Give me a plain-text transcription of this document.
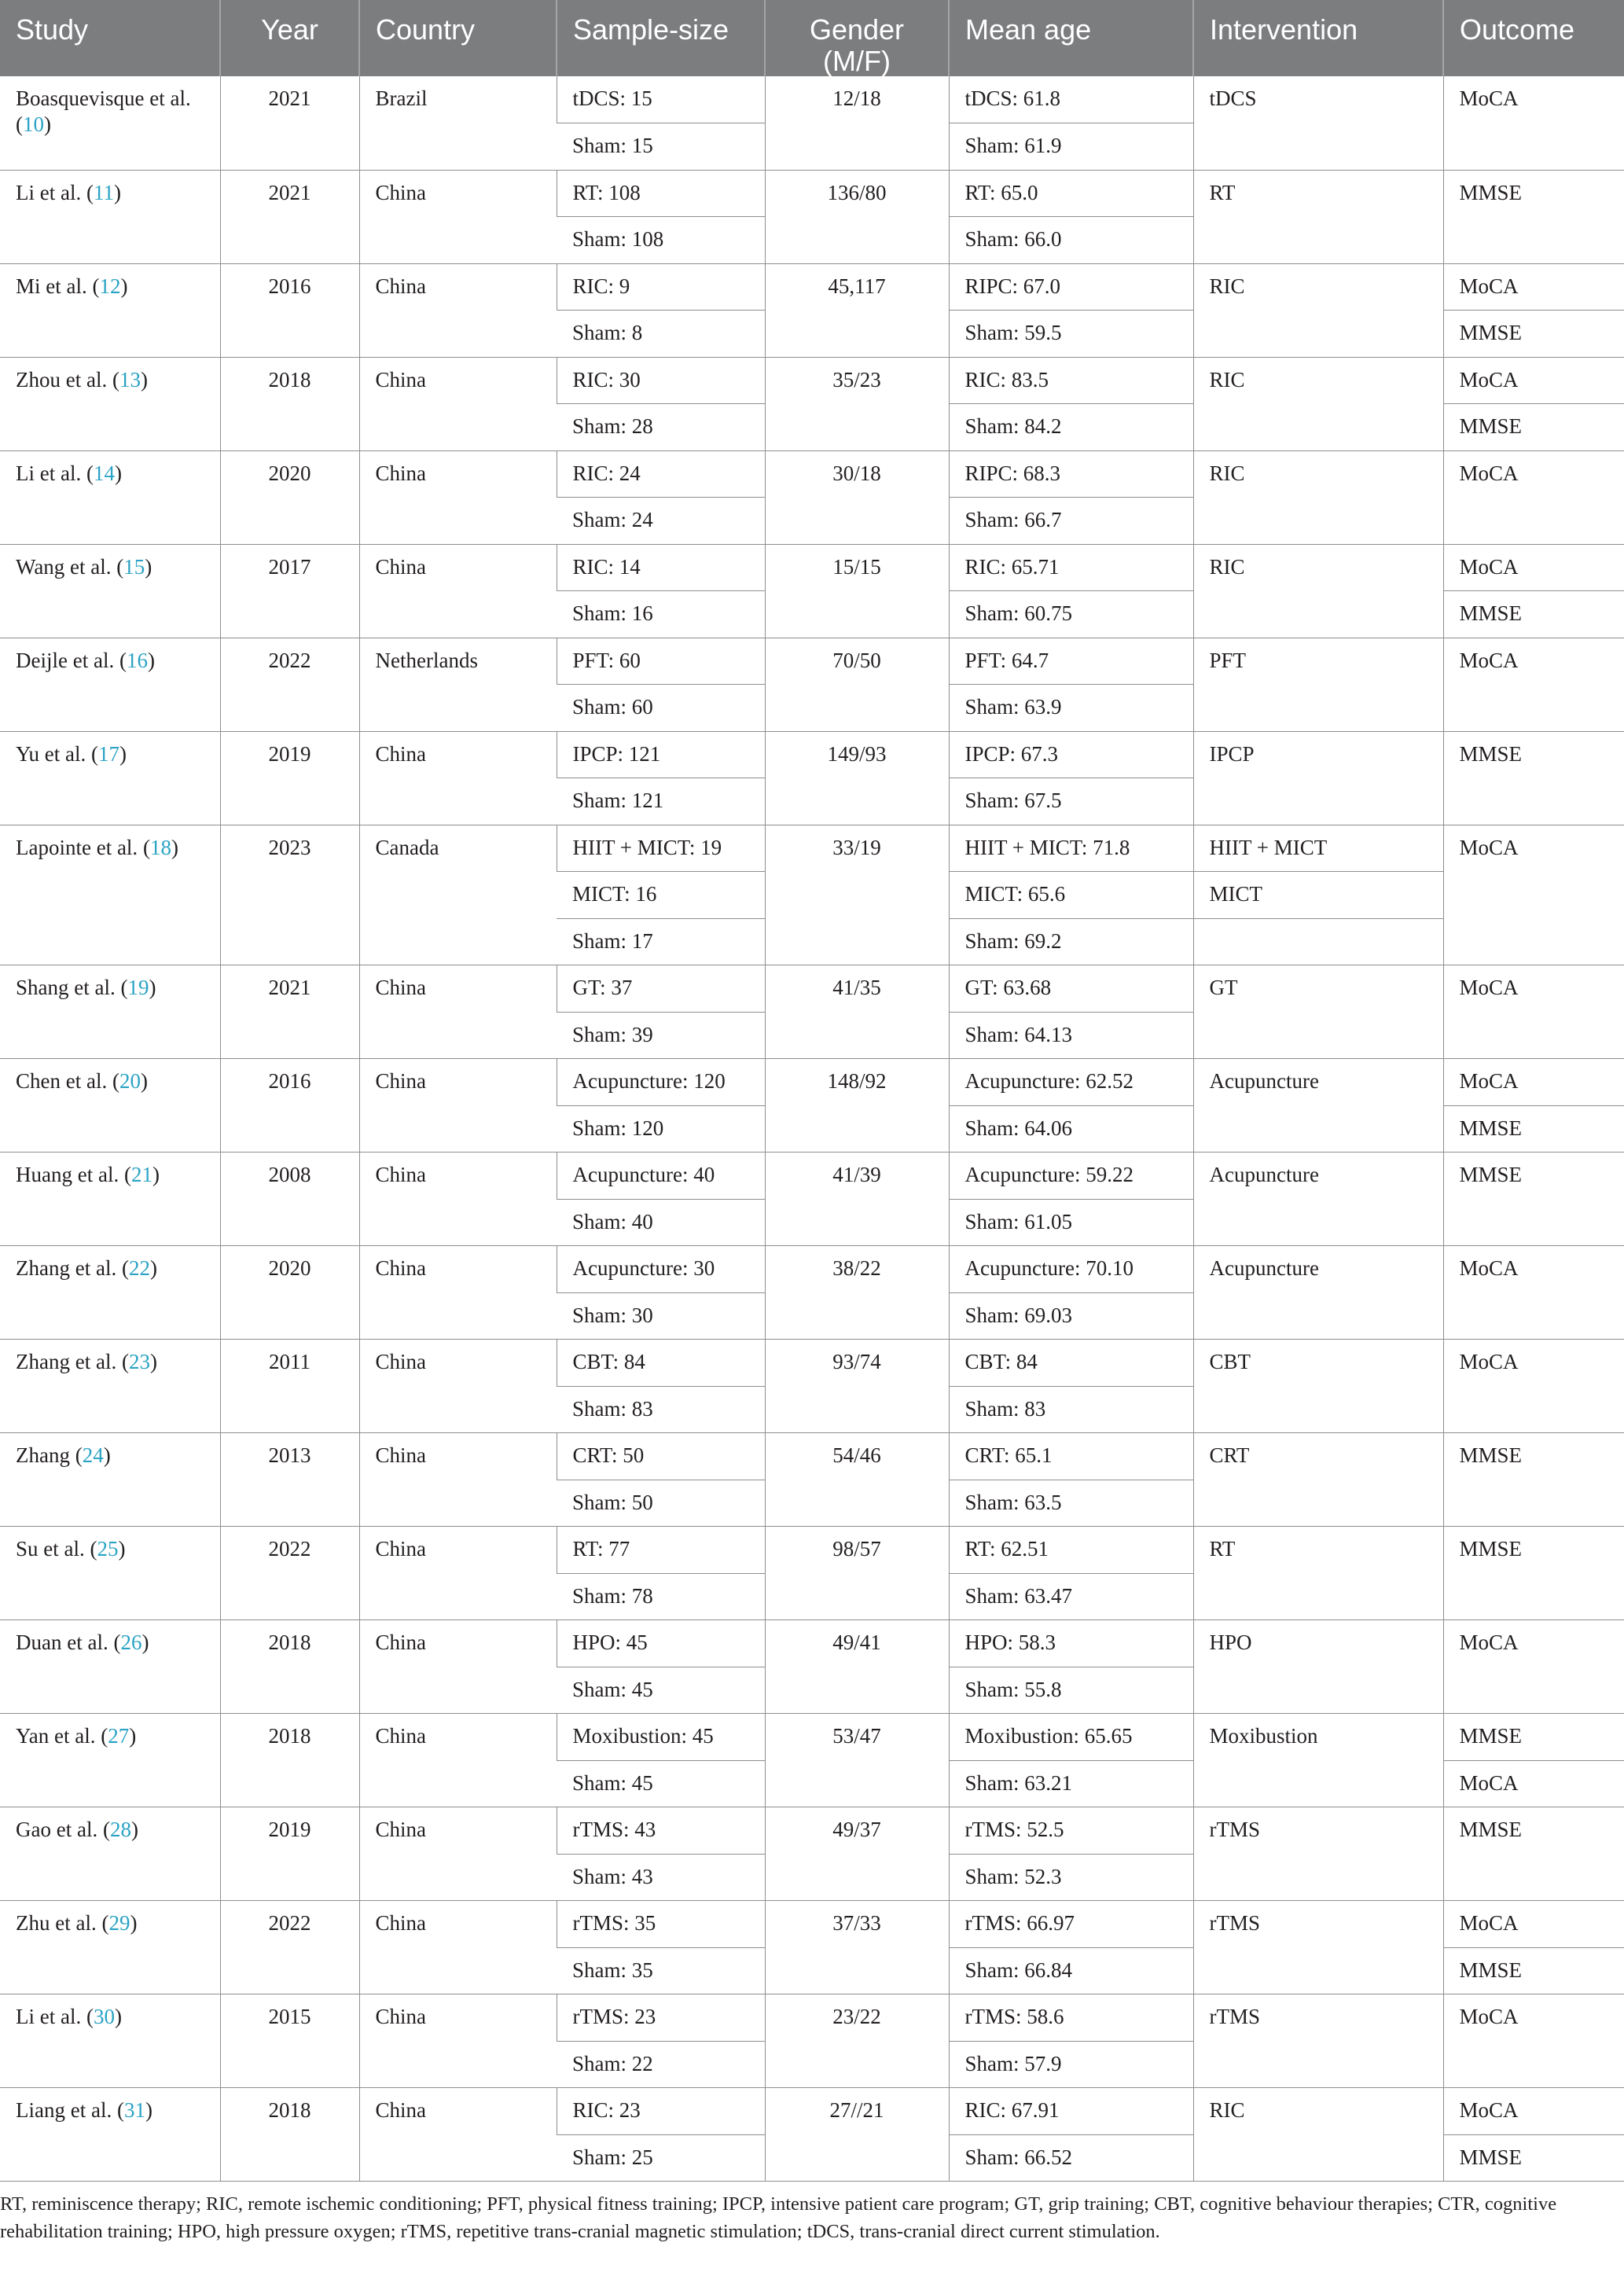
Study	Year	Country	Sample-size	Gender (M/F)	Mean age	Intervention	Outcome
Boasquevisque et al. (10)	2021	Brazil	tDCS: 15	12/18	tDCS: 61.8	tDCS	MoCA
			Sham: 15		Sham: 61.9		
Li et al. (11)	2021	China	RT: 108	136/80	RT: 65.0	RT	MMSE
			Sham: 108		Sham: 66.0		
Mi et al. (12)	2016	China	RIC: 9	45,117	RIPC: 67.0	RIC	MoCA
			Sham: 8		Sham: 59.5		MMSE
Zhou et al. (13)	2018	China	RIC: 30	35/23	RIC: 83.5	RIC	MoCA
			Sham: 28		Sham: 84.2		MMSE
Li et al. (14)	2020	China	RIC: 24	30/18	RIPC: 68.3	RIC	MoCA
			Sham: 24		Sham: 66.7		
Wang et al. (15)	2017	China	RIC: 14	15/15	RIC: 65.71	RIC	MoCA
			Sham: 16		Sham: 60.75		MMSE
Deijle et al. (16)	2022	Netherlands	PFT: 60	70/50	PFT: 64.7	PFT	MoCA
			Sham: 60		Sham: 63.9		
Yu et al. (17)	2019	China	IPCP: 121	149/93	IPCP: 67.3	IPCP	MMSE
			Sham: 121		Sham: 67.5		
Lapointe et al. (18)	2023	Canada	HIIT + MICT: 19	33/19	HIIT + MICT: 71.8	HIIT + MICT	MoCA
			MICT: 16		MICT: 65.6	MICT	
			Sham: 17		Sham: 69.2		
Shang et al. (19)	2021	China	GT: 37	41/35	GT: 63.68	GT	MoCA
			Sham: 39		Sham: 64.13		
Chen et al. (20)	2016	China	Acupuncture: 120	148/92	Acupuncture: 62.52	Acupuncture	MoCA
			Sham: 120		Sham: 64.06		MMSE
Huang et al. (21)	2008	China	Acupuncture: 40	41/39	Acupuncture: 59.22	Acupuncture	MMSE
			Sham: 40		Sham: 61.05		
Zhang et al. (22)	2020	China	Acupuncture: 30	38/22	Acupuncture: 70.10	Acupuncture	MoCA
			Sham: 30		Sham: 69.03		
Zhang et al. (23)	2011	China	CBT: 84	93/74	CBT: 84	CBT	MoCA
			Sham: 83		Sham: 83		
Zhang (24)	2013	China	CRT: 50	54/46	CRT: 65.1	CRT	MMSE
			Sham: 50		Sham: 63.5		
Su et al. (25)	2022	China	RT: 77	98/57	RT: 62.51	RT	MMSE
			Sham: 78		Sham: 63.47		
Duan et al. (26)	2018	China	HPO: 45	49/41	HPO: 58.3	HPO	MoCA
			Sham: 45		Sham: 55.8		
Yan et al. (27)	2018	China	Moxibustion: 45	53/47	Moxibustion: 65.65	Moxibustion	MMSE
			Sham: 45		Sham: 63.21		MoCA
Gao et al. (28)	2019	China	rTMS: 43	49/37	rTMS: 52.5	rTMS	MMSE
			Sham: 43		Sham: 52.3		
Zhu et al. (29)	2022	China	rTMS: 35	37/33	rTMS: 66.97	rTMS	MoCA
			Sham: 35		Sham: 66.84		MMSE
Li et al. (30)	2015	China	rTMS: 23	23/22	rTMS: 58.6	rTMS	MoCA
			Sham: 22		Sham: 57.9		
Liang et al. (31)	2018	China	RIC: 23	27//21	RIC: 67.91	RIC	MoCA
			Sham: 25		Sham: 66.52		MMSE
RT, reminiscence therapy; RIC, remote ischemic conditioning; PFT, physical fitness training; IPCP, intensive patient care program; GT, grip training; CBT, cognitive behaviour therapies; CTR, cognitive rehabilitation training; HPO, high pressure oxygen; rTMS, repetitive trans-cranial magnetic stimulation; tDCS, trans-cranial direct current stimulation.
